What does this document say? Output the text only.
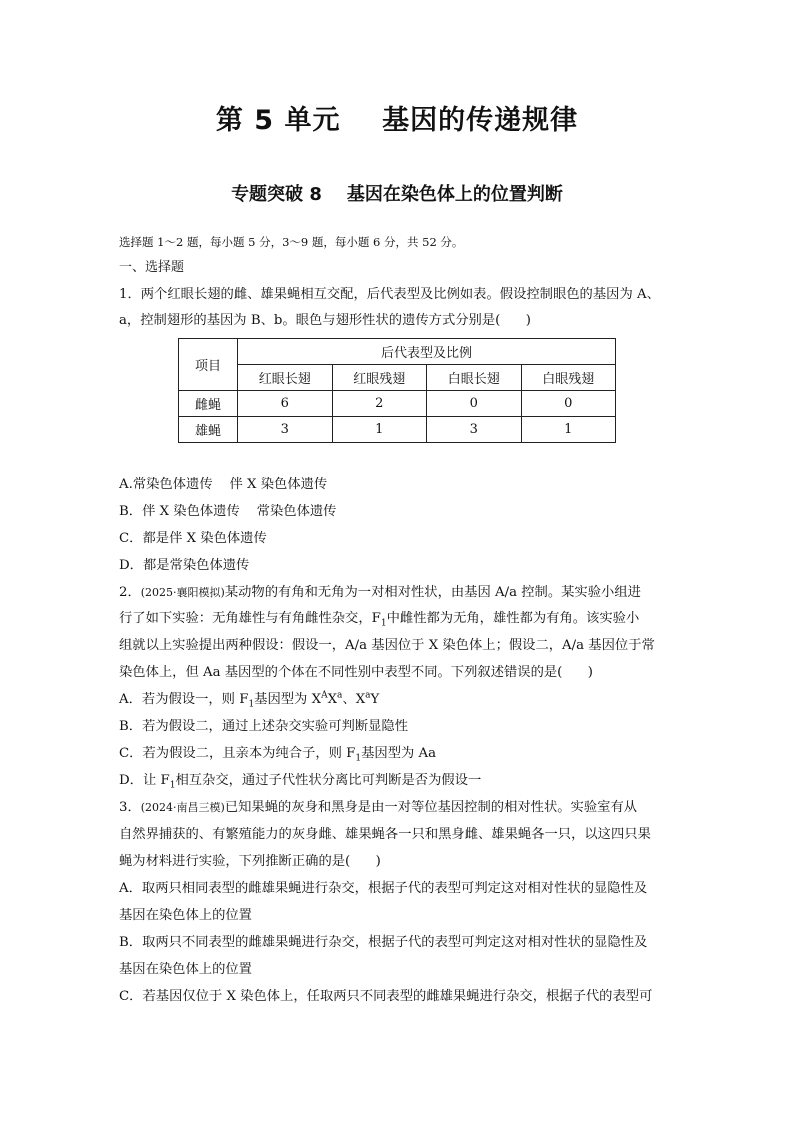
第 5 单元    基因的传递规律
专题突破 8    基因在染色体上的位置判断
选择题 1～2 题，每小题 5 分，3～9 题，每小题 6 分，共 52 分。
一、选择题
1．两个红眼长翅的雌、雄果蝇相互交配，后代表型及比例如表。假设控制眼色的基因为 A、
a，控制翅形的基因为 B、b。眼色与翅形性状的遗传方式分别是(      )
项目	后代表型及比例			
	红眼长翅	红眼残翅	白眼长翅	白眼残翅
雌蝇	6	2	0	0
雄蝇	3	1	3	1
A.常染色体遗传    伴 X 染色体遗传
B．伴 X 染色体遗传    常染色体遗传
C．都是伴 X 染色体遗传
D．都是常染色体遗传
2．(2025·襄阳模拟)某动物的有角和无角为一对相对性状，由基因 A/a 控制。某实验小组进
行了如下实验：无角雄性与有角雌性杂交，$F_1$中雌性都为无角，雄性都为有角。该实验小
组就以上实验提出两种假设：假设一，A/a 基因位于 X 染色体上；假设二，A/a 基因位于常
染色体上，但 Aa 基因型的个体在不同性别中表型不同。下列叙述错误的是(      )
A．若为假设一，则 $F_1$基因型为 $X^AX^a$、$X^aY$
B．若为假设二，通过上述杂交实验可判断显隐性
C．若为假设二，且亲本为纯合子，则 $F_1$基因型为 Aa
D．让 $F_1$相互杂交，通过子代性状分离比可判断是否为假设一
3．(2024·南昌三模)已知果蝇的灰身和黑身是由一对等位基因控制的相对性状。实验室有从
自然界捕获的、有繁殖能力的灰身雌、雄果蝇各一只和黑身雌、雄果蝇各一只，以这四只果
蝇为材料进行实验，下列推断正确的是(      )
A．取两只相同表型的雌雄果蝇进行杂交，根据子代的表型可判定这对相对性状的显隐性及
基因在染色体上的位置
B．取两只不同表型的雌雄果蝇进行杂交，根据子代的表型可判定这对相对性状的显隐性及
基因在染色体上的位置
C．若基因仅位于 X 染色体上，任取两只不同表型的雌雄果蝇进行杂交，根据子代的表型可
